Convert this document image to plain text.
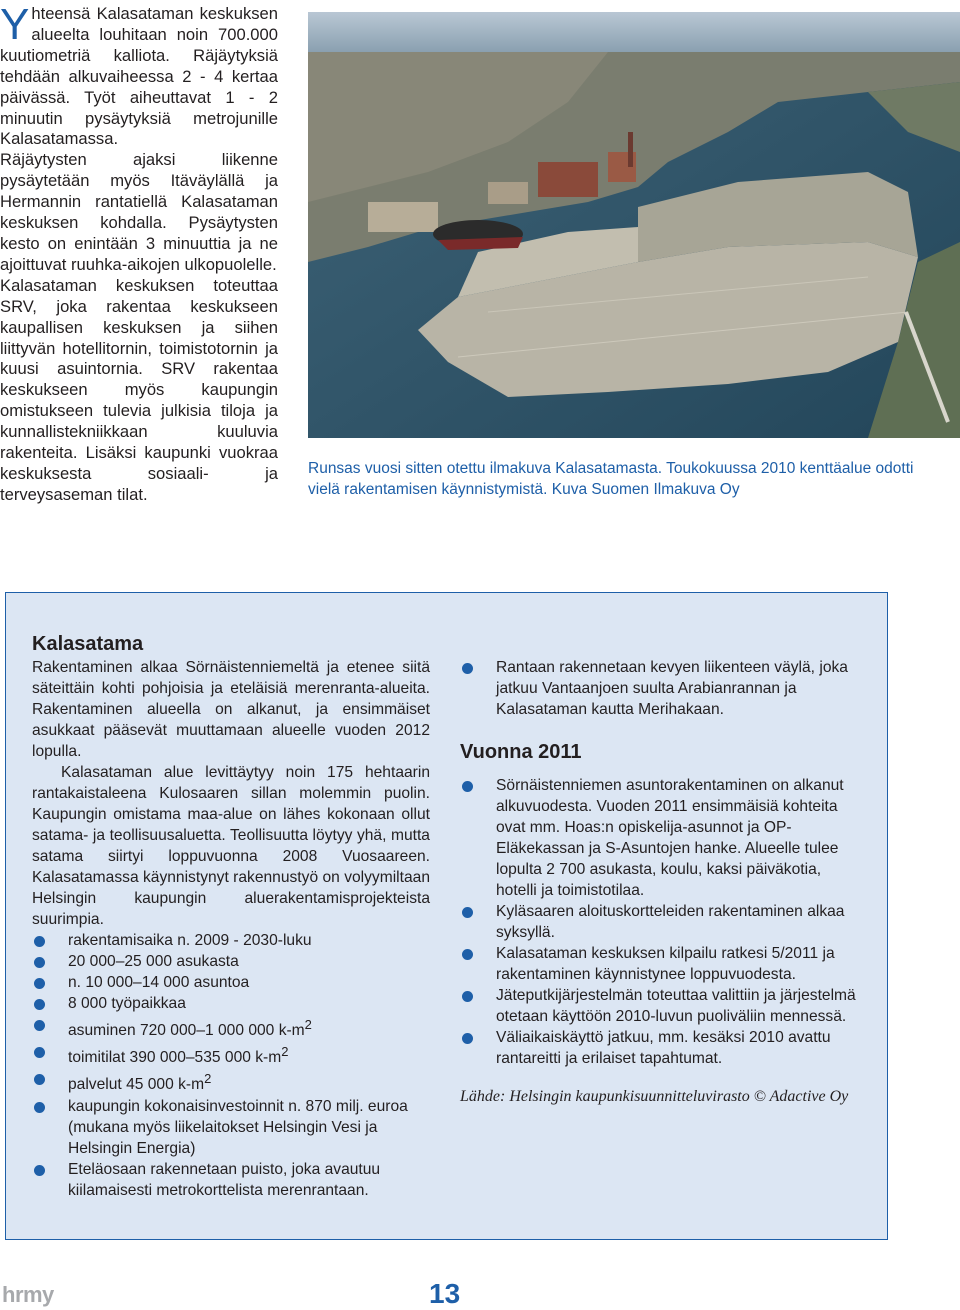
Yhteensä Kalasataman keskuksen alueelta louhitaan noin 700.000 kuutiometriä kalliota. Räjäytyksiä tehdään alkuvaiheessa 2 - 4 kertaa päivässä. Työt aiheuttavat 1 - 2 minuutin pysäytyksiä metrojunille Kalasatamassa.

Räjäytysten ajaksi liikenne pysäytetään myös Itäväylällä ja Hermannin rantatiellä Kalasataman keskuksen kohdalla. Pysäytysten kesto on enintään 3 minuuttia ja ne ajoittuvat ruuhka-aikojen ulkopuolelle.

Kalasataman keskuksen toteuttaa SRV, joka rakentaa keskukseen kaupallisen keskuksen ja siihen liittyvän hotellitornin, toimistotornin ja kuusi asuintornia. SRV rakentaa keskukseen myös kaupungin omistukseen tulevia julkisia tiloja ja kunnallistekniikkaan kuuluvia rakenteita. Lisäksi kaupunki vuokraa keskuksesta sosiaali- ja terveysaseman tilat.

Runsas vuosi sitten otettu ilmakuva Kalasatamasta. Toukokuussa 2010 kenttäalue odotti vielä rakentamisen käynnistymistä. Kuva Suomen Ilmakuva Oy
Kalasatama

Rakentaminen alkaa Sörnäistenniemeltä ja etenee siitä säteittäin kohti pohjoisia ja eteläisiä merenranta-alueita. Rakentaminen alueella on alkanut, ja ensimmäiset asukkaat pääsevät muuttamaan alueelle vuoden 2012 lopulla.

Kalasataman alue levittäytyy noin 175 hehtaarin rantakaistaleena Kulosaaren sillan molemmin puolin. Kaupungin omistama maa-alue on lähes kokonaan ollut satama- ja teollisuusaluetta. Teollisuutta löytyy yhä, mutta satama siirtyi loppuvuonna 2008 Vuosaareen. Kalasatamassa käynnistynyt rakennustyö on volyymiltaan Helsingin kaupungin aluerakentamisprojekteista suurimpia.

rakentamisaika n. 2009 - 2030-luku
20 000–25 000 asukasta
n. 10 000–14 000 asuntoa
8 000 työpaikkaa
asuminen 720 000–1 000 000 $k-m^2$
toimitilat 390 000–535 000 $k-m^2$
palvelut 45 000 $k-m^2$
kaupungin kokonaisinvestoinnit n. 870 milj. euroa (mukana myös liikelaitokset Helsingin Vesi ja Helsingin Energia)
Eteläosaan rakennetaan puisto, joka avautuu kiilamaisesti metrokorttelista merenrantaan.
Rantaan rakennetaan kevyen liikenteen väylä, joka jatkuu Vantaanjoen suulta Arabianrannan ja Kalasataman kautta Merihakaan.
Vuonna 2011
Sörnäistenniemen asuntorakentaminen on alkanut alkuvuodesta. Vuoden 2011 ensimmäisiä kohteita ovat mm. Hoas:n opiskelija-asunnot ja OP-Eläkekassan ja S-Asuntojen hanke. Alueelle tulee lopulta 2 700 asukasta, koulu, kaksi päiväkotia, hotelli ja toimistotilaa.
Kyläsaaren aloituskortteleiden rakentaminen alkaa syksyllä.
Kalasataman keskuksen kilpailu ratkesi 5/2011 ja rakentaminen käynnistynee loppuvuodesta.
Jäteputkijärjestelmän toteuttaa valittiin ja järjestelmä otetaan käyttöön 2010-luvun puoliväliin mennessä.
Väliaikaiskäyttö jatkuu, mm. kesäksi 2010 avattu rantareitti ja erilaiset tapahtumat.
Lähde: Helsingin kaupunkisuunnitteluvirasto © Adactive Oy
hrmy	13
